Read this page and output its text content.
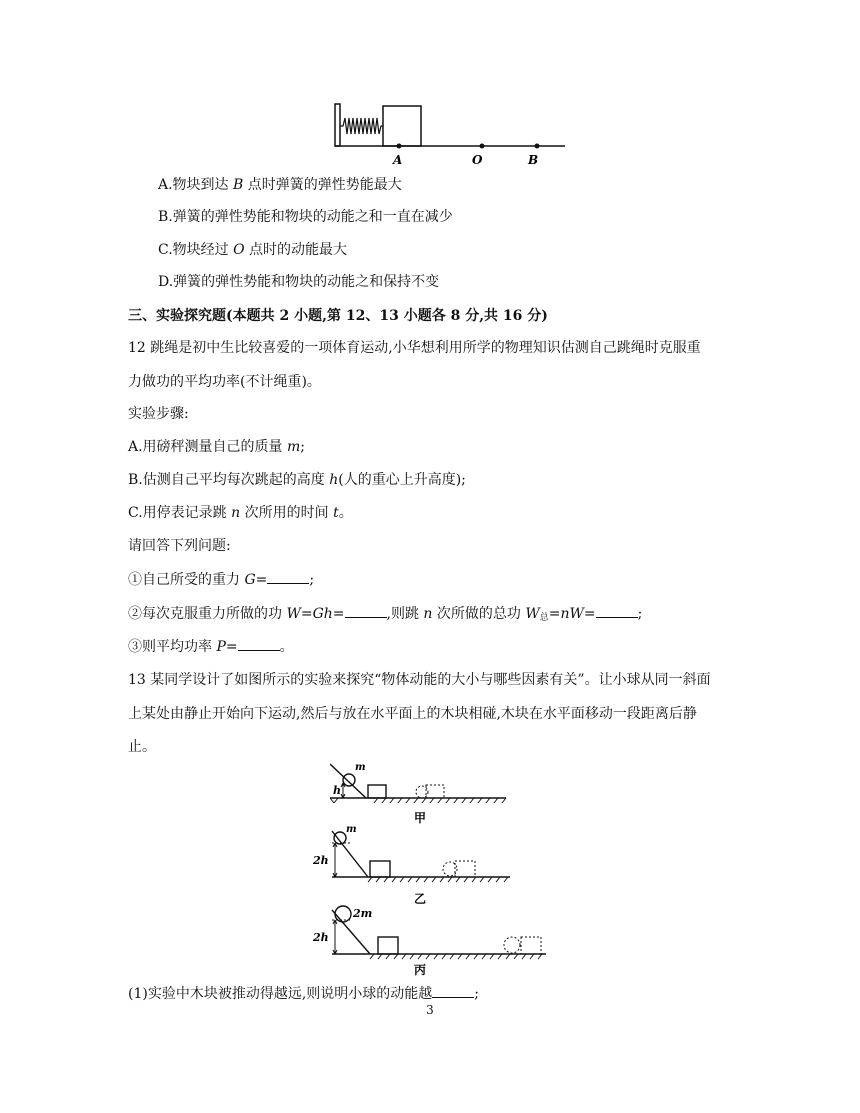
A	O	B
A.物块到达 B 点时弹簧的弹性势能最大
B.弹簧的弹性势能和物块的动能之和一直在减少
C.物块经过 O 点时的动能最大
D.弹簧的弹性势能和物块的动能之和保持不变
三、实验探究题(本题共 2 小题,第 12、13 小题各 8 分,共 16 分)
12 跳绳是初中生比较喜爱的一项体育运动,小华想利用所学的物理知识估测自己跳绳时克服重
力做功的平均功率(不计绳重)。
实验步骤:
A.用磅秤测量自己的质量 m;
B.估测自己平均每次跳起的高度 h(人的重心上升高度);
C.用停表记录跳 n 次所用的时间 t。
请回答下列问题:
①自己所受的重力 G=	;
②每次克服重力所做的功 W=Gh=	,则跳 n 次所做的总功 $W_总=nW=$	;
③则平均功率 P=	。
13 某同学设计了如图所示的实验来探究“物体动能的大小与哪些因素有关”。让小球从同一斜面
上某处由静止开始向下运动,然后与放在水平面上的木块相碰,木块在水平面移动一段距离后静
止。
m
h
甲
m
2h
乙
2m
2h
丙
(1)实验中木块被推动得越远,则说明小球的动能越	;
3
